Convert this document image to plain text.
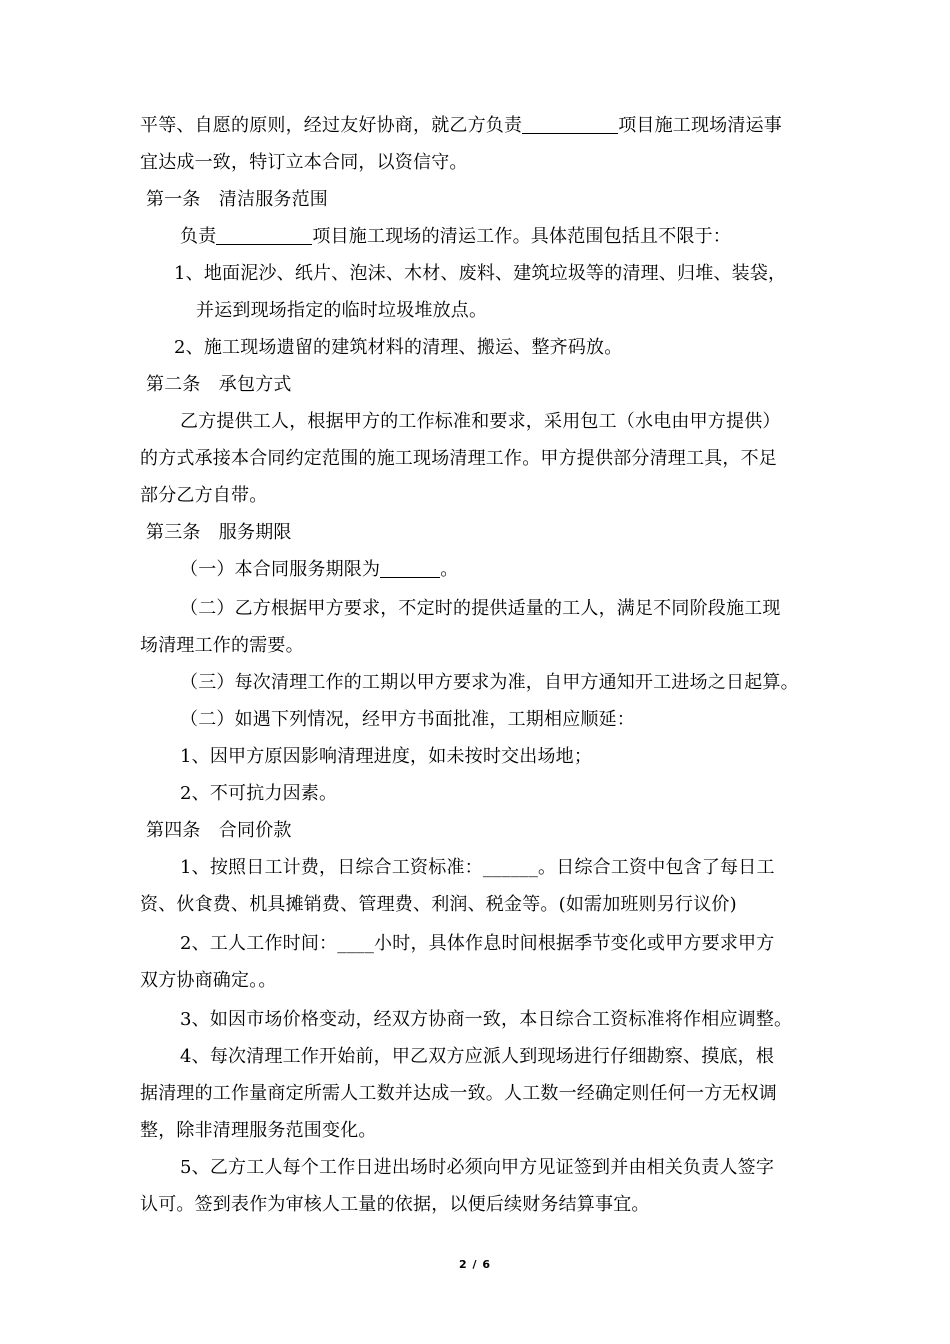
平等、自愿的原则，经过友好协商，就乙方负责	项目施工现场清运事
宜达成一致，特订立本合同，以资信守。
第一条　清洁服务范围
负责	项目施工现场的清运工作。具体范围包括且不限于：
1、地面泥沙、纸片、泡沫、木材、废料、建筑垃圾等的清理、归堆、装袋，
并运到现场指定的临时垃圾堆放点。
2、施工现场遗留的建筑材料的清理、搬运、整齐码放。
第二条　承包方式
乙方提供工人，根据甲方的工作标准和要求，采用包工（水电由甲方提供）
的方式承接本合同约定范围的施工现场清理工作。甲方提供部分清理工具，不足
部分乙方自带。
第三条　服务期限
（一）本合同服务期限为	。
（二）乙方根据甲方要求，不定时的提供适量的工人，满足不同阶段施工现
场清理工作的需要。
（三）每次清理工作的工期以甲方要求为准，自甲方通知开工进场之日起算。
（二）如遇下列情况，经甲方书面批准，工期相应顺延：
1、因甲方原因影响清理进度，如未按时交出场地；
2、不可抗力因素。
第四条　合同价款
1、按照日工计费，日综合工资标准：______。日综合工资中包含了每日工
资、伙食费、机具摊销费、管理费、利润、税金等。(如需加班则另行议价)
2、工人工作时间：____小时，具体作息时间根据季节变化或甲方要求甲方
双方协商确定。。
3、如因市场价格变动，经双方协商一致，本日综合工资标准将作相应调整。
4、每次清理工作开始前，甲乙双方应派人到现场进行仔细勘察、摸底，根
据清理的工作量商定所需人工数并达成一致。人工数一经确定则任何一方无权调
整，除非清理服务范围变化。
5、乙方工人每个工作日进出场时必须向甲方见证签到并由相关负责人签字
认可。签到表作为审核人工量的依据，以便后续财务结算事宜。
2 / 6
